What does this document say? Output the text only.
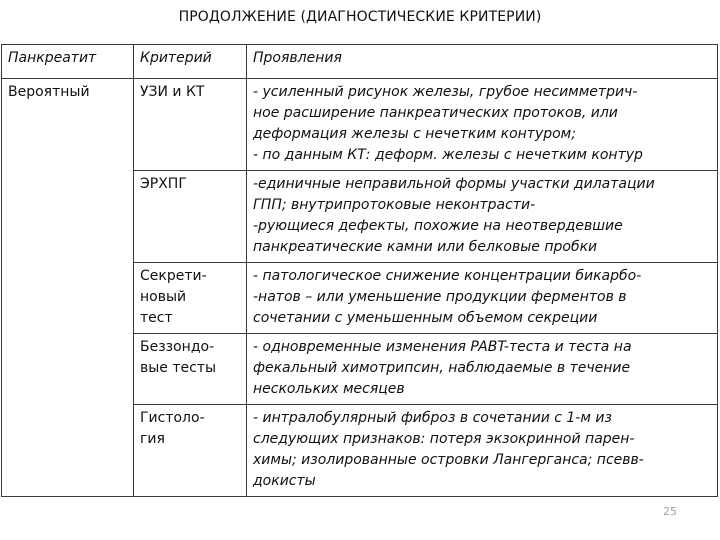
ПРОДОЛЖЕНИЕ (ДИАГНОСТИЧЕСКИЕ КРИТЕРИИ)
Панкреатит	Критерий	Проявления
Вероятный	УЗИ и КТ	- усиленный рисунок железы, грубое несимметрич-
ное расширение панкреатических протоков, или
деформация железы с нечетким контуром;
- по данным КТ: деформ. железы с нечетким контур

	ЭРХПГ	-единичные неправильной формы участки дилатации
ГПП; внутрипротоковые неконтрасти-
-рующиеся дефекты, похожие на неотвердевшие
панкреатические камни или белковые пробки

	Секрети-
новый
тест	- патологическое снижение концентрации бикарбо-
-натов – или уменьшение продукции ферментов в
сочетании с уменьшенным объемом секреции

	Беззондо-
вые тесты	- одновременные изменения PABT-теста и теста на
фекальный химотрипсин, наблюдаемые в течение
нескольких месяцев

	Гистоло-
гия	- интралобулярный фиброз в сочетании с 1-м из
следующих признаков: потеря экзокринной парен-
химы; изолированные островки Лангерганса; псевв-
докисты
25
